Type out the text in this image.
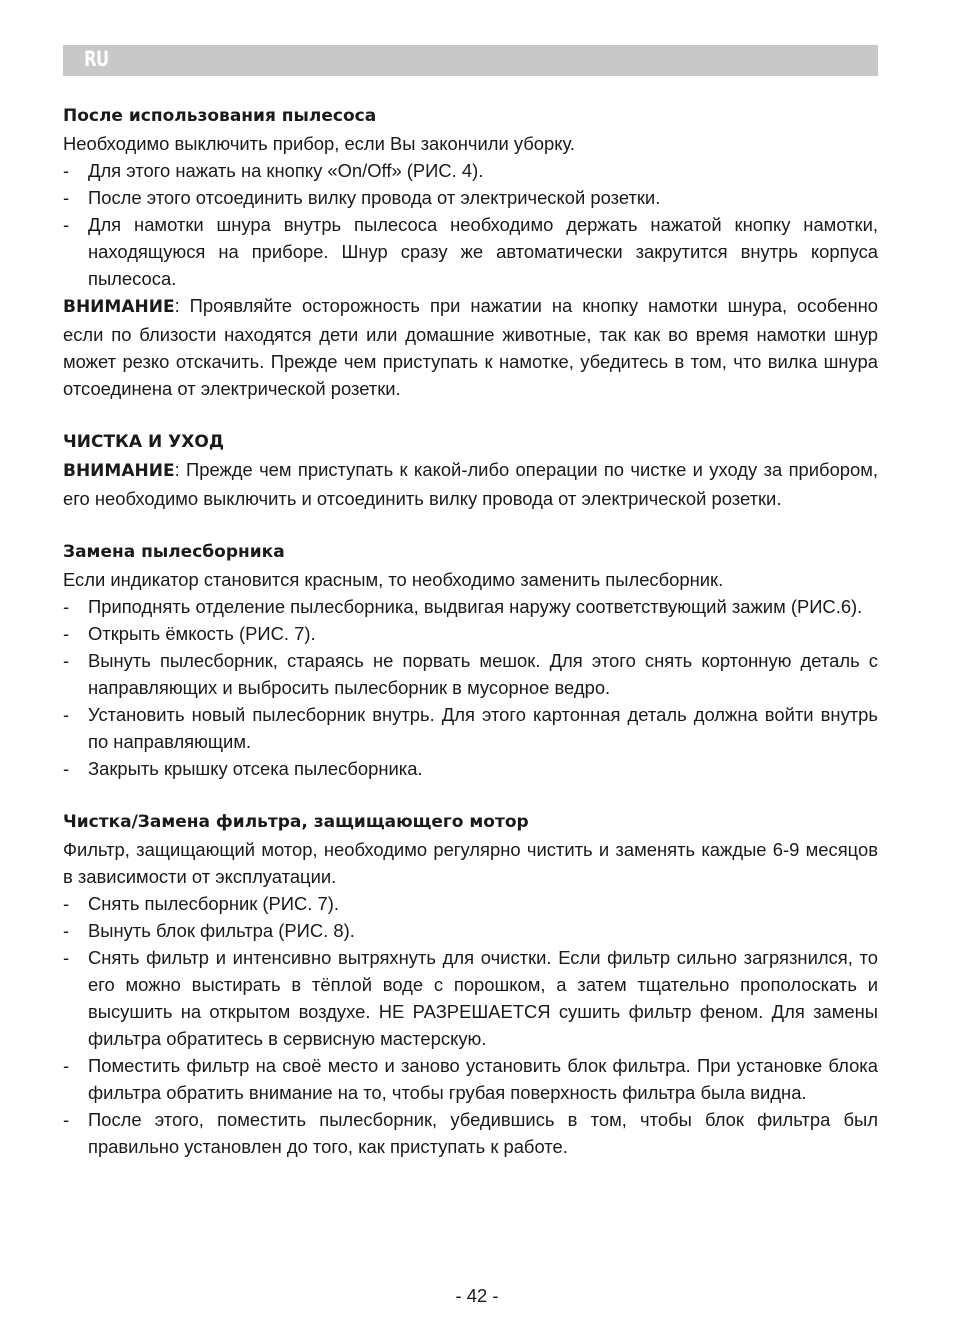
RU

После использования пылесоса

Необходимо выключить прибор, если Вы закончили уборку.

-	Для этого нажать на кнопку «On/Off» (РИС. 4).
-	После этого отсоединить вилку провода от электрической розетки.
-	Для намотки шнура внутрь пылесоса необходимо держать нажатой кнопку намотки, находящуюся на приборе. Шнур сразу же автоматически закрутится внутрь корпуса пылесоса.

ВНИМАНИЕ: Проявляйте осторожность при нажатии на кнопку намотки шнура, особенно если по близости находятся дети или домашние животные, так как во время намотки шнур может резко отскачить. Прежде чем приступать к намотке, убедитесь в том, что вилка шнура отсоединена от электрической розетки.

ЧИСТКА И УХОД

ВНИМАНИЕ: Прежде чем приступать к какой-либо операции по чистке и уходу за прибором, его необходимо выключить и отсоединить вилку провода от электрической розетки.

Замена пылесборника

Если индикатор становится красным, то необходимо заменить пылесборник.

-	Приподнять отделение пылесборника, выдвигая наружу соответствующий зажим (РИС.6).
-	Открыть ёмкость (РИС. 7).
-	Вынуть пылесборник, стараясь не порвать мешок. Для этого снять кортонную деталь с направляющих и выбросить пылесборник в мусорное ведро.
-	Установить новый пылесборник внутрь. Для этого картонная деталь должна войти внутрь по направляющим.
-	Закрыть крышку отсека пылесборника.

Чистка/Замена фильтра, защищающего мотор

Фильтр, защищающий мотор, необходимо регулярно чистить и заменять каждые 6-9 месяцов в зависимости от эксплуатации.

-	Снять пылесборник (РИС. 7).
-	Вынуть блок фильтра (РИС. 8).
-	Снять фильтр и интенсивно вытряхнуть для очистки. Если фильтр сильно загрязнился, то его можно выстирать в тёплой воде с порошком, а затем тщательно прополоскать и высушить на открытом воздухе. НЕ РАЗРЕШАЕТСЯ сушить фильтр феном. Для замены фильтра обратитесь в сервисную мастерскую.
-	Поместить фильтр на своё место и заново установить блок фильтра. При установке блока фильтра обратить внимание на то, чтобы грубая поверхность фильтра была видна.
-	После этого, поместить пылесборник, убедившись в том, чтобы блок фильтра был правильно установлен до того, как приступать к работе.
- 42 -
